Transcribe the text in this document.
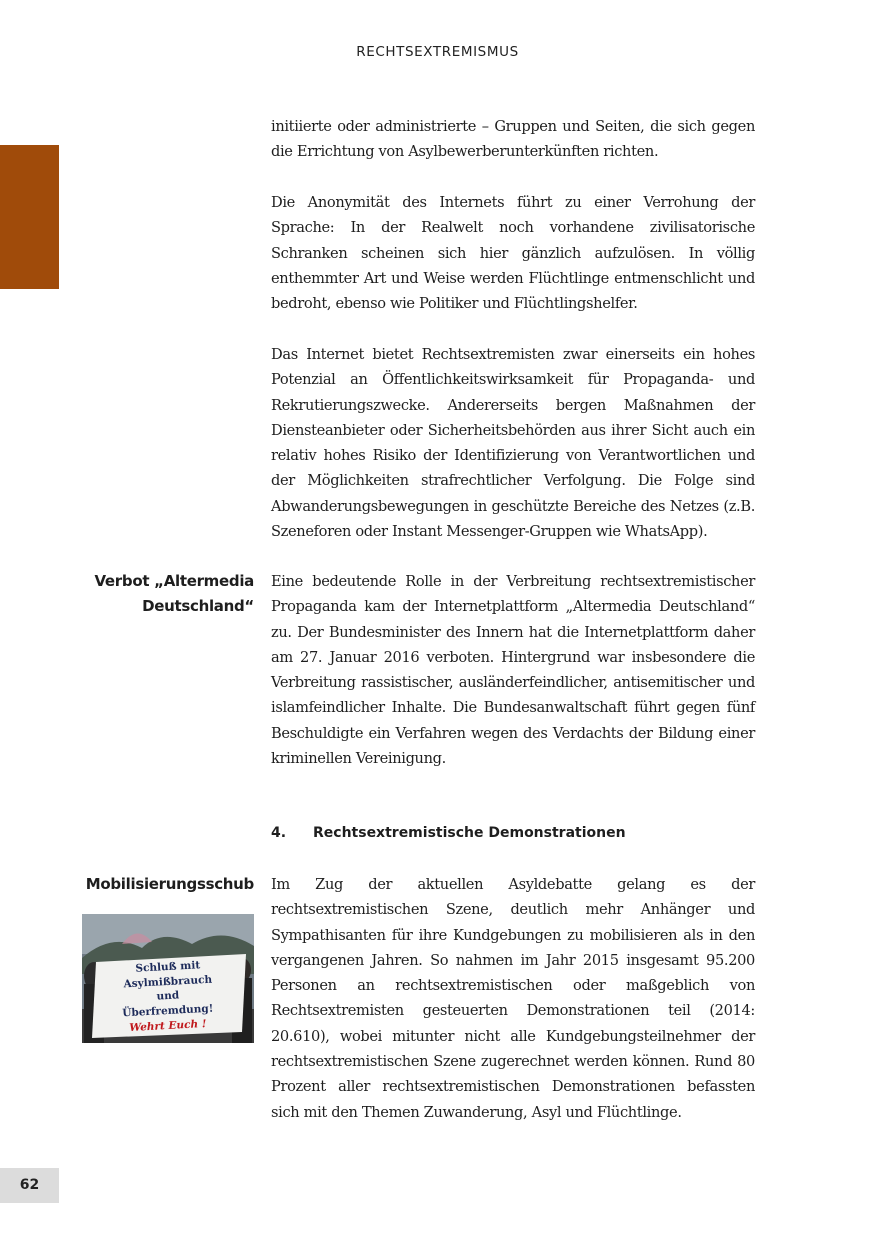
RECHTSEXTREMISMUS

initiierte oder administrierte – Gruppen und Seiten, die sich gegen die Errichtung von Asylbewerberunterkünften richten.

Die Anonymität des Internets führt zu einer Verrohung der Sprache: In der Realwelt noch vorhandene zivilisatorische Schranken scheinen sich hier gänzlich aufzulösen. In völlig enthemmter Art und Weise werden Flüchtlinge entmenschlicht und bedroht, ebenso wie Politiker und Flüchtlingshelfer.

Das Internet bietet Rechtsextremisten zwar einerseits ein hohes Potenzial an Öffentlichkeitswirksamkeit für Propaganda- und Rekrutierungszwecke. Andererseits bergen Maßnahmen der Diensteanbieter oder Sicherheitsbehörden aus ihrer Sicht auch ein relativ hohes Risiko der Identifizierung von Verantwortlichen und der Möglichkeiten strafrechtlicher Verfolgung. Die Folge sind Abwanderungsbewegungen in geschützte Bereiche des Netzes (z.B. Szeneforen oder Instant Messenger-Gruppen wie WhatsApp).

Verbot „Altermedia
Deutschland“

Eine bedeutende Rolle in der Verbreitung rechtsextremistischer Propaganda kam der Internetplattform „Altermedia Deutschland“ zu. Der Bundesminister des Innern hat die Internetplattform daher am 27. Januar 2016 verboten. Hintergrund war insbesondere die Verbreitung rassistischer, ausländerfeindlicher, antisemitischer und islamfeindlicher Inhalte. Die Bundesanwaltschaft führt gegen fünf Beschuldigte ein Verfahren wegen des Verdachts der Bildung einer kriminellen Vereinigung.

4. Rechtsextremistische Demonstrationen
Mobilisierungsschub
Schluß mit
Asylmißbrauch
und
Überfremdung!
Wehrt Euch !

Im Zug der aktuellen Asyldebatte gelang es der rechtsextremistischen Szene, deutlich mehr Anhänger und Sympathisanten für ihre Kundgebungen zu mobilisieren als in den vergangenen Jahren. So nahmen im Jahr 2015 insgesamt 95.200 Personen an rechtsextremistischen oder maßgeblich von Rechtsextremisten gesteuerten Demonstrationen teil (2014: 20.610), wobei mitunter nicht alle Kundgebungsteilnehmer der rechtsextremistischen Szene zugerechnet werden können. Rund 80 Prozent aller rechtsextremistischen Demonstrationen befassten sich mit den Themen Zuwanderung, Asyl und Flüchtlinge.

62
